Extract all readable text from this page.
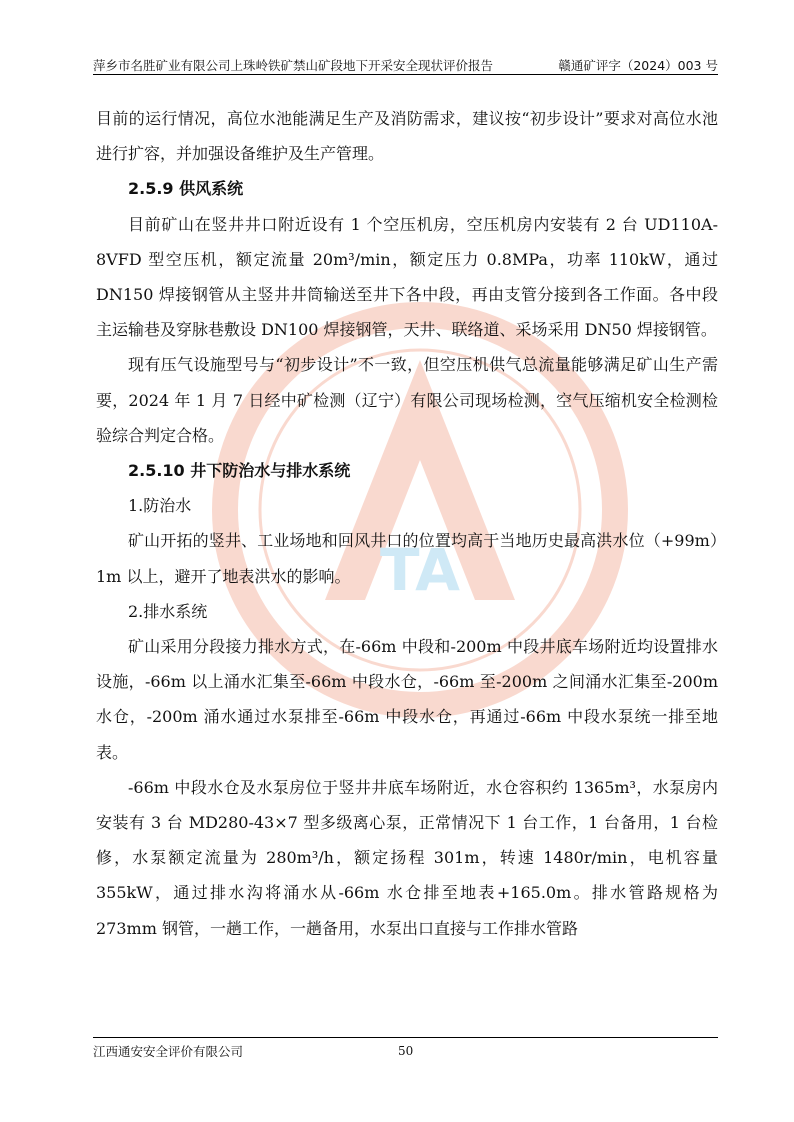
萍乡市名胜矿业有限公司上珠岭铁矿禁山矿段地下开采安全现状评价报告	赣通矿评字（2024）003 号
TA

目前的运行情况，高位水池能满足生产及消防需求，建议按“初步设计”要求对高位水池进行扩容，并加强设备维护及生产管理。

2.5.9 供风系统

目前矿山在竖井井口附近设有 1 个空压机房，空压机房内安装有 2 台 UD110A-8VFD 型空压机，额定流量 20m³/min，额定压力 0.8MPa，功率 110kW，通过 DN150 焊接钢管从主竖井井筒输送至井下各中段，再由支管分接到各工作面。各中段主运输巷及穿脉巷敷设 DN100 焊接钢管，天井、联络道、采场采用 DN50 焊接钢管。

现有压气设施型号与“初步设计”不一致，但空压机供气总流量能够满足矿山生产需要，2024 年 1 月 7 日经中矿检测（辽宁）有限公司现场检测，空气压缩机安全检测检验综合判定合格。

2.5.10 井下防治水与排水系统

1.防治水

矿山开拓的竖井、工业场地和回风井口的位置均高于当地历史最高洪水位（+99m）1m 以上，避开了地表洪水的影响。

2.排水系统

矿山采用分段接力排水方式，在-66m 中段和-200m 中段井底车场附近均设置排水设施，-66m 以上涌水汇集至-66m 中段水仓，-66m 至-200m 之间涌水汇集至-200m 水仓，-200m 涌水通过水泵排至-66m 中段水仓，再通过-66m 中段水泵统一排至地表。

-66m 中段水仓及水泵房位于竖井井底车场附近，水仓容积约 1365m³，水泵房内安装有 3 台 MD280-43×7 型多级离心泵，正常情况下 1 台工作，1 台备用，1 台检修，水泵额定流量为 280m³/h，额定扬程 301m，转速 1480r/min，电机容量 355kW，通过排水沟将涌水从-66m 水仓排至地表+165.0m。排水管路规格为 273mm 钢管，一趟工作，一趟备用，水泵出口直接与工作排水管路

江西通安安全评价有限公司	50
